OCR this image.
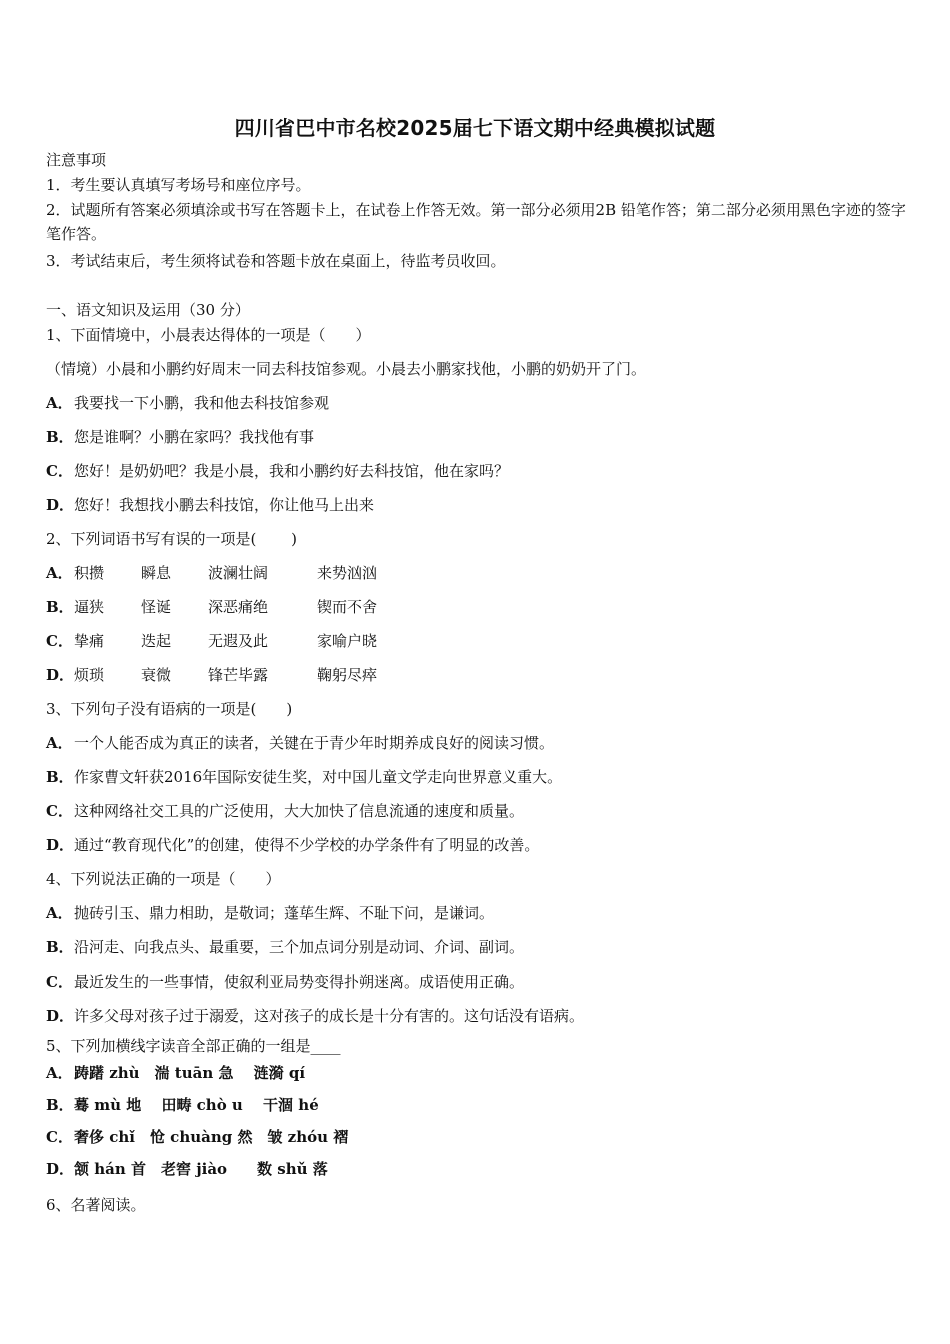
四川省巴中市名校2025届七下语文期中经典模拟试题
注意事项
1．考生要认真填写考场号和座位序号。
2．试题所有答案必须填涂或书写在答题卡上，在试卷上作答无效。第一部分必须用2B 铅笔作答；第二部分必须用黑色字迹的签字笔作答。
3．考试结束后，考生须将试卷和答题卡放在桌面上，待监考员收回。
一、语文知识及运用（30 分）
1、下面情境中，小晨表达得体的一项是（　　）
（情境）小晨和小鹏约好周末一同去科技馆参观。小晨去小鹏家找他，小鹏的奶奶开了门。
A．我要找一下小鹏，我和他去科技馆参观
B．您是谁啊？小鹏在家吗？我找他有事
C．您好！是奶奶吧？我是小晨，我和小鹏约好去科技馆，他在家吗？
D．您好！我想找小鹏去科技馆，你让他马上出来
2、下列词语书写有误的一项是(　　 )
A．积攒 瞬息 波澜壮阔	来势汹汹
B．逼狭 怪诞 深恶痛绝	锲而不舍
C．挚痛 迭起 无遐及此	家喻户晓
D．烦琐 衰微 锋芒毕露	鞠躬尽瘁
3、下列句子没有语病的一项是(　　)
A．一个人能否成为真正的读者，关键在于青少年时期养成良好的阅读习惯。
B．作家曹文轩获2016年国际安徒生奖，对中国儿童文学走向世界意义重大。
C．这种网络社交工具的广泛使用，大大加快了信息流通的速度和质量。
D．通过“教育现代化”的创建，使得不少学校的办学条件有了明显的改善。
4、下列说法正确的一项是（　　）
A．抛砖引玉、鼎力相助，是敬词；蓬荜生辉、不耻下问，是谦词。
B．沿河走、向我点头、最重要，三个加点词分别是动词、介词、副词。
C．最近发生的一些事情，使叙利亚局势变得扑朔迷离。成语使用正确。
D．许多父母对孩子过于溺爱，这对孩子的成长是十分有害的。这句话没有语病。
5、下列加横线字读音全部正确的一组是____
A．踌躇 zhù　湍 tuān 急　 涟漪 qí
B．蓦 mù 地　 田畴 chò u　 干涸 hé
C．奢侈 chǐ　怆 chuàng 然　皱 zhóu 褶
D．颔 hán 首　老窖 jiào　　数 shǔ 落
6、名著阅读。
